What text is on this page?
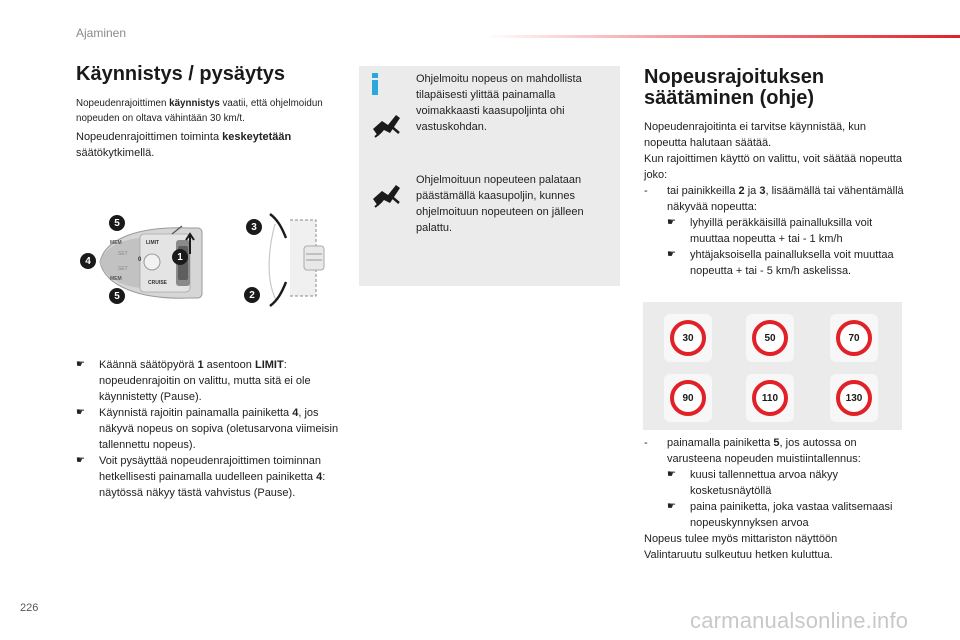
Ajaminen
Käynnistys / pysäytys
Nopeudenrajoittimen käynnistys vaatii, että ohjelmoidun nopeuden on oltava vähintään 30 km/t.
Nopeudenrajoittimen toiminta keskeytetään säätökytkimellä.
MEM
SET
SET
MEM
LIMIT
0
CRUISE
5
4
5
1
3
2
☛ Käännä säätöpyörä 1 asentoon LIMIT: nopeudenrajoitin on valittu, mutta sitä ei ole käynnistetty (Pause).
☛ Käynnistä rajoitin painamalla painiketta 4, jos näkyvä nopeus on sopiva (oletusarvona viimeisin tallennettu nopeus).
☛ Voit pysäyttää nopeudenrajoittimen toiminnan hetkellisesti painamalla uudelleen painiketta 4: näytössä näkyy tästä vahvistus (Pause).
Ohjelmoitu nopeus on mahdollista tilapäisesti ylittää painamalla voimakkaasti kaasupoljinta ohi vastuskohdan.
Ohjelmoituun nopeuteen palataan päästämällä kaasupoljin, kunnes ohjelmoituun nopeuteen on jälleen palattu.
Nopeusrajoituksen säätäminen (ohje)
Nopeudenrajoitinta ei tarvitse käynnistää, kun nopeutta halutaan säätää.
Kun rajoittimen käyttö on valittu, voit säätää nopeutta joko:
- tai painikkeilla 2 ja 3, lisäämällä tai vähentämällä näkyvää nopeutta:
☛ lyhyillä peräkkäisillä painalluksilla voit muuttaa nopeutta + tai - 1 km/h
☛ yhtäjaksoisella painalluksella voit muuttaa nopeutta + tai - 5 km/h askelissa.
30	50	70
90	110	130
- painamalla painiketta 5, jos autossa on varusteena nopeuden muistiintallennus:
☛ kuusi tallennettua arvoa näkyy kosketusnäytöllä
☛ paina painiketta, joka vastaa valitsemaasi nopeuskynnyksen arvoa
Nopeus tulee myös mittariston näyttöön
Valintaruutu sulkeutuu hetken kuluttua.
226	carmanualsonline.info
